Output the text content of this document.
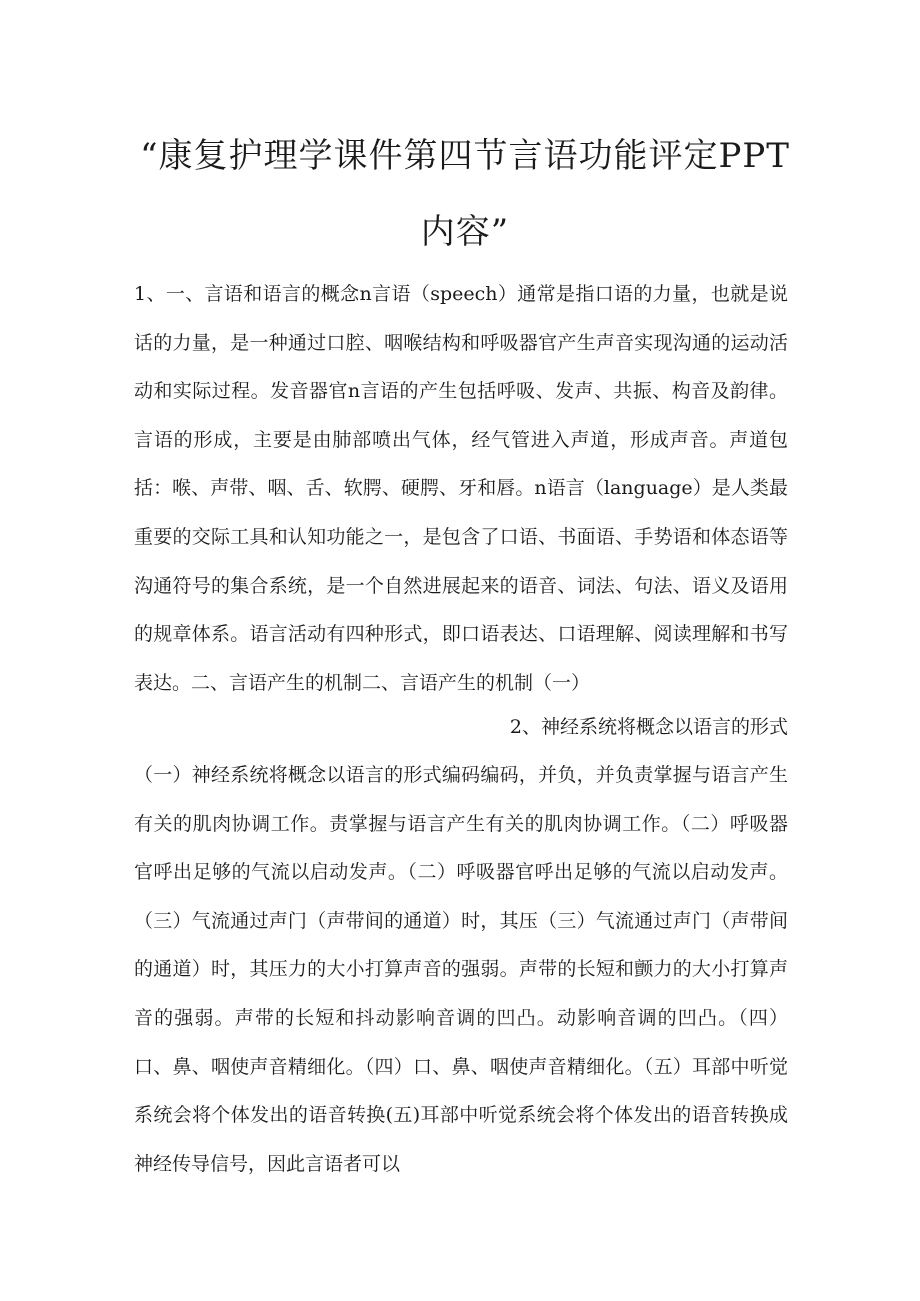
“康复护理学课件第四节言语功能评定PPT
内容”

1、一、言语和语言的概念n言语（speech）通常是指口语的力量，也就是说话的力量，是一种通过口腔、咽喉结构和呼吸器官产生声音实现沟通的运动活动和实际过程。发音器官n言语的产生包括呼吸、发声、共振、构音及韵律。言语的形成，主要是由肺部喷出气体，经气管进入声道，形成声音。声道包括：喉、声带、咽、舌、软腭、硬腭、牙和唇。n语言（language）是人类最重要的交际工具和认知功能之一，是包含了口语、书面语、手势语和体态语等沟通符号的集合系统，是一个自然进展起来的语音、词法、句法、语义及语用的规章体系。语言活动有四种形式，即口语表达、口语理解、阅读理解和书写表达。二、言语产生的机制二、言语产生的机制（一）

2、神经系统将概念以语言的形式

（一）神经系统将概念以语言的形式编码编码，并负，并负责掌握与语言产生有关的肌肉协调工作。责掌握与语言产生有关的肌肉协调工作。（二）呼吸器官呼出足够的气流以启动发声。（二）呼吸器官呼出足够的气流以启动发声。（三）气流通过声门（声带间的通道）时，其压（三）气流通过声门（声带间的通道）时，其压力的大小打算声音的强弱。声带的长短和颤力的大小打算声音的强弱。声带的长短和抖动影响音调的凹凸。动影响音调的凹凸。（四）口、鼻、咽使声音精细化。（四）口、鼻、咽使声音精细化。（五）耳部中听觉系统会将个体发出的语音转换(五)耳部中听觉系统会将个体发出的语音转换成神经传导信号，因此言语者可以
